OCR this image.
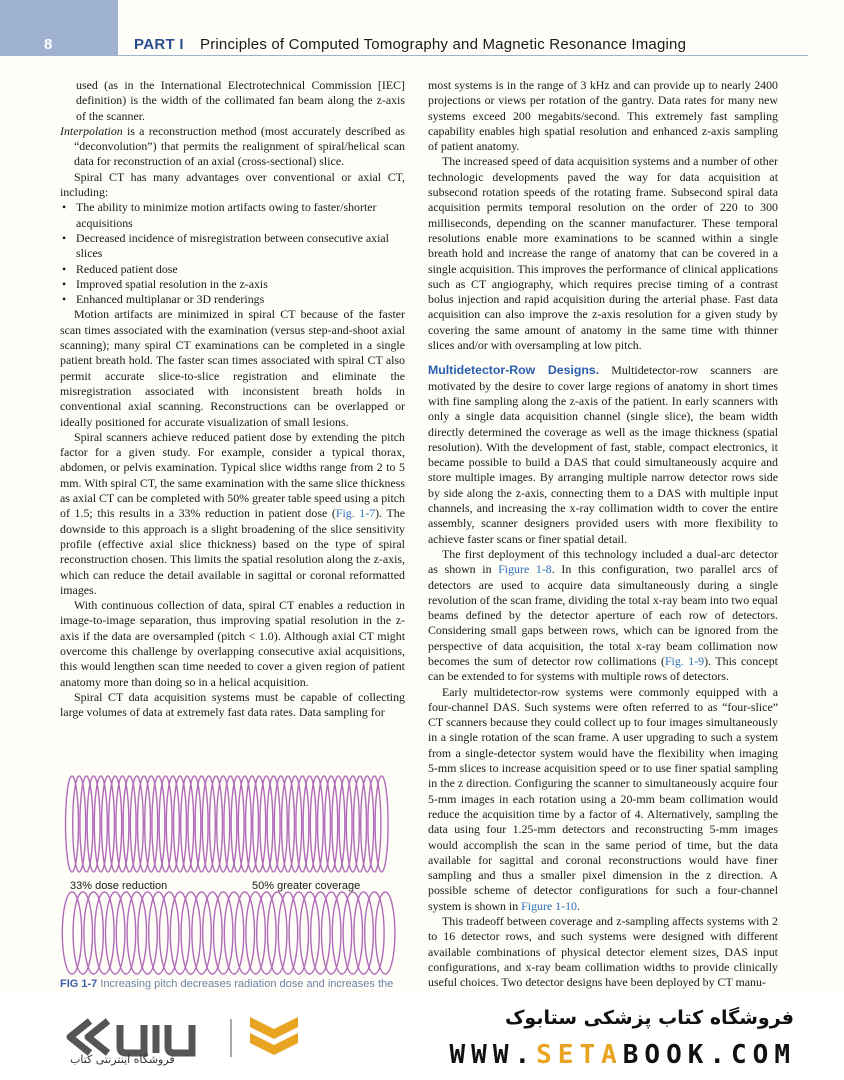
8	PART I Principles of Computed Tomography and Magnetic Resonance Imaging

used (as in the International Electrotechnical Commission [IEC] definition) is the width of the collimated fan beam along the z-axis of the scanner.

Interpolation is a reconstruction method (most accurately described as “deconvolution”) that permits the realignment of spiral/helical scan data for reconstruction of an axial (cross-sectional) slice.

Spiral CT has many advantages over conventional or axial CT, including:

• The ability to minimize motion artifacts owing to faster/shorter acquisitions
• Decreased incidence of misregistration between consecutive axial slices
• Reduced patient dose
• Improved spatial resolution in the z-axis
• Enhanced multiplanar or 3D renderings

Motion artifacts are minimized in spiral CT because of the faster scan times associated with the examination (versus step-and-shoot axial scanning); many spiral CT examinations can be completed in a single patient breath hold. The faster scan times associated with spiral CT also permit accurate slice-to-slice registration and eliminate the misregistration associated with inconsistent breath holds in conventional axial scanning. Reconstructions can be overlapped or ideally positioned for accurate visualization of small lesions.

Spiral scanners achieve reduced patient dose by extending the pitch factor for a given study. For example, consider a typical thorax, abdomen, or pelvis examination. Typical slice widths range from 2 to 5 mm. With spiral CT, the same examination with the same slice thickness as axial CT can be completed with 50% greater table speed using a pitch of 1.5; this results in a 33% reduction in patient dose (Fig. 1-7). The downside to this approach is a slight broadening of the slice sensitivity profile (effective axial slice thickness) based on the type of spiral reconstruction chosen. This limits the spatial resolution along the z-axis, which can reduce the detail available in sagittal or coronal reformatted images.

With continuous collection of data, spiral CT enables a reduction in image-to-image separation, thus improving spatial resolution in the z-axis if the data are oversampled (pitch < 1.0). Although axial CT might overcome this challenge by overlapping consecutive axial acquisitions, this would lengthen scan time needed to cover a given region of patient anatomy more than doing so in a helical acquisition.

Spiral CT data acquisition systems must be capable of collecting large volumes of data at extremely fast data rates. Data sampling for

most systems is in the range of 3 kHz and can provide up to nearly 2400 projections or views per rotation of the gantry. Data rates for many new systems exceed 200 megabits/second. This extremely fast sampling capability enables high spatial resolution and enhanced z-axis sampling of patient anatomy.

The increased speed of data acquisition systems and a number of other technologic developments paved the way for data acquisition at subsecond rotation speeds of the rotating frame. Subsecond spiral data acquisition permits temporal resolution on the order of 220 to 300 milliseconds, depending on the scanner manufacturer. These temporal resolutions enable more examinations to be scanned within a single breath hold and increase the range of anatomy that can be covered in a single acquisition. This improves the performance of clinical applications such as CT angiography, which requires precise timing of a contrast bolus injection and rapid acquisition during the arterial phase. Fast data acquisition can also improve the z-axis resolution for a given study by covering the same amount of anatomy in the same time with thinner slices and/or with oversampling at low pitch.

Multidetector-Row Designs. Multidetector-row scanners are motivated by the desire to cover large regions of anatomy in short times with fine sampling along the z-axis of the patient. In early scanners with only a single data acquisition channel (single slice), the beam width directly determined the coverage as well as the image thickness (spatial resolution). With the development of fast, stable, compact electronics, it became possible to build a DAS that could simultaneously acquire and store multiple images. By arranging multiple narrow detector rows side by side along the z-axis, connecting them to a DAS with multiple input channels, and increasing the x-ray collimation width to cover the entire assembly, scanner designers provided users with more flexibility to achieve faster scans or finer spatial detail.

The first deployment of this technology included a dual-arc detector as shown in Figure 1-8. In this configuration, two parallel arcs of detectors are used to acquire data simultaneously during a single revolution of the scan frame, dividing the total x-ray beam into two equal beams defined by the detector aperture of each row of detectors. Considering small gaps between rows, which can be ignored from the perspective of data acquisition, the total x-ray beam collimation now becomes the sum of detector row collimations (Fig. 1-9). This concept can be extended to for systems with multiple rows of detectors.

Early multidetector-row systems were commonly equipped with a four-channel DAS. Such systems were often referred to as “four-slice” CT scanners because they could collect up to four images simultaneously in a single rotation of the scan frame. A user upgrading to such a system from a single-detector system would have the flexibility when imaging 5-mm slices to increase acquisition speed or to use finer spatial sampling in the z direction. Configuring the scanner to simultaneously acquire four 5-mm images in each rotation using a 20-mm beam collimation would reduce the acquisition time by a factor of 4. Alternatively, sampling the data using four 1.25-mm detectors and reconstructing 5-mm images would accomplish the scan in the same period of time, but the data available for sagittal and coronal reconstructions would have finer sampling and thus a smaller pixel dimension in the z direction. A possible scheme of detector configurations for such a four-channel system is shown in Figure 1-10.

This tradeoff between coverage and z-sampling affects systems with 2 to 16 detector rows, and such systems were designed with different available combinations of physical detector element sizes, DAS input configurations, and x-ray beam collimation widths to provide clinically useful choices. Two detector designs have been deployed by CT manu-

33% dose reduction	50% greater coverage
FIG 1-7 Increasing pitch decreases radiation dose and increases the
فروشگاه اینترنتی کتاب
فروشگاه کتاب پزشکی ستابوک
WWW.SETABOOK.COM
